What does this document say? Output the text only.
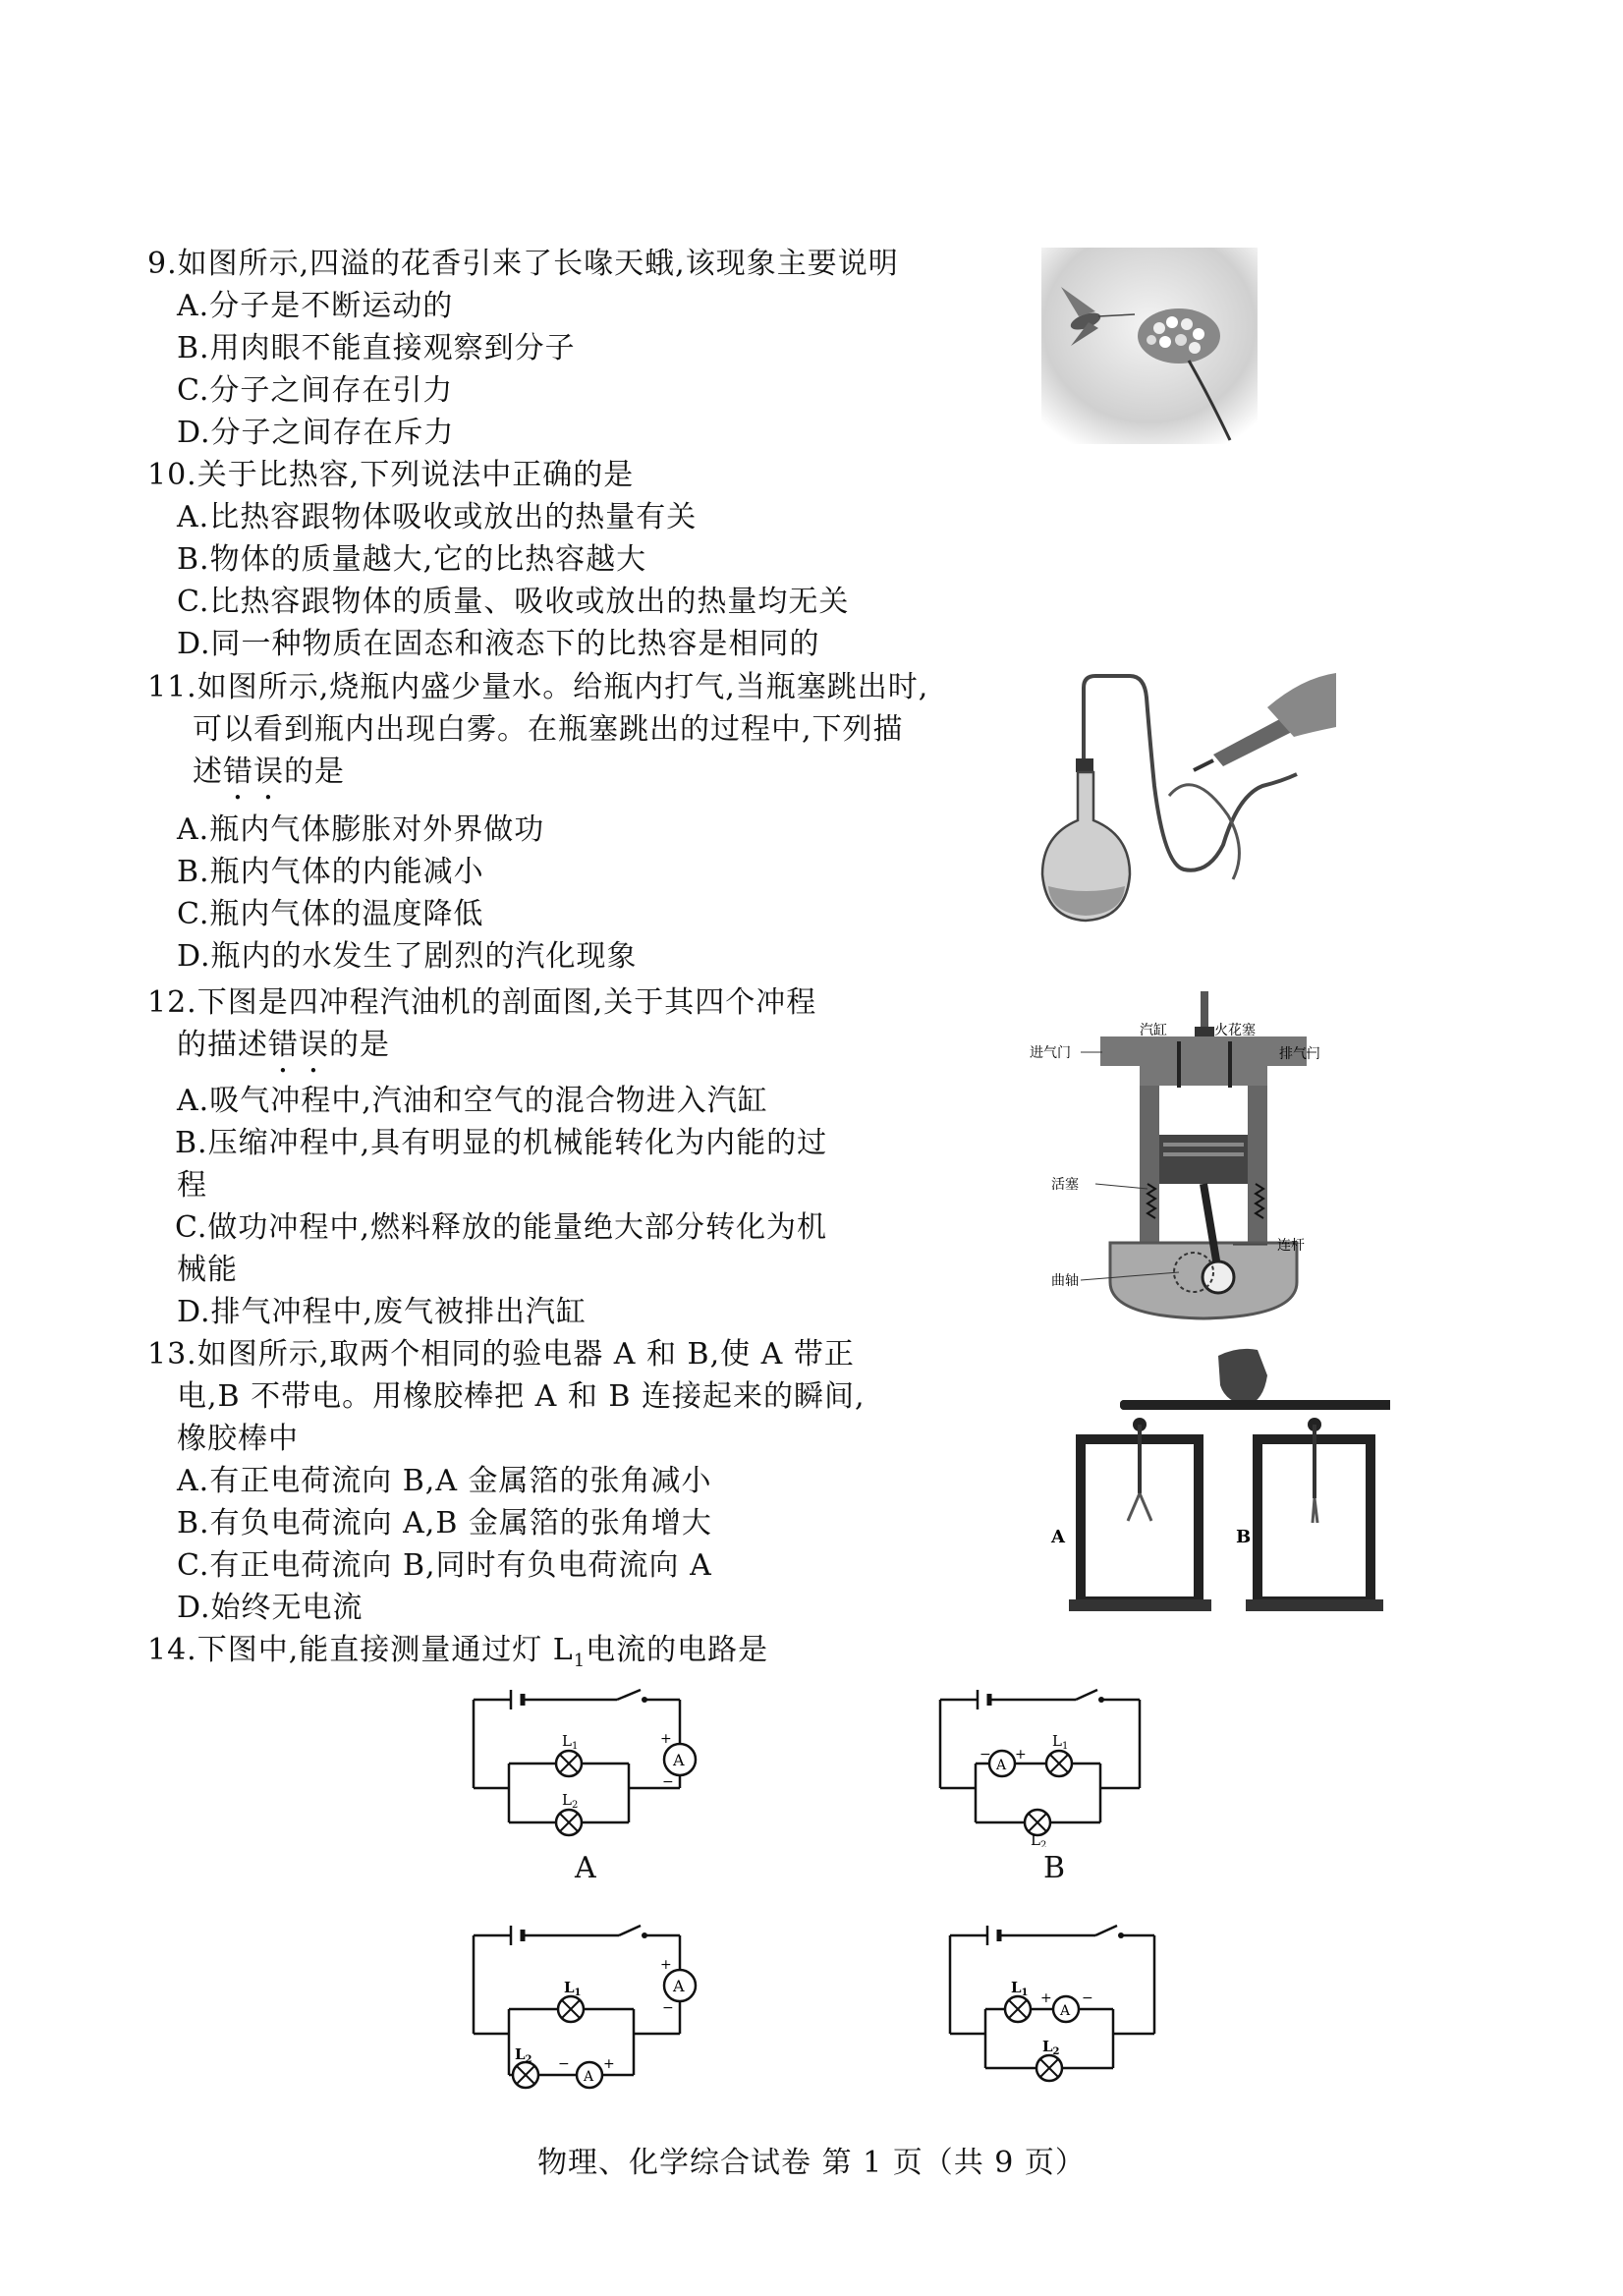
9.如图所示,四溢的花香引来了长喙天蛾,该现象主要说明
A.分子是不断运动的
B.用肉眼不能直接观察到分子
C.分子之间存在引力
D.分子之间存在斥力
10.关于比热容,下列说法中正确的是
A.比热容跟物体吸收或放出的热量有关
B.物体的质量越大,它的比热容越大
C.比热容跟物体的质量、吸收或放出的热量均无关
D.同一种物质在固态和液态下的比热容是相同的
11.如图所示,烧瓶内盛少量水。给瓶内打气,当瓶塞跳出时,
可以看到瓶内出现白雾。在瓶塞跳出的过程中,下列描
述错误的是
A.瓶内气体膨胀对外界做功
B.瓶内气体的内能减小
C.瓶内气体的温度降低
D.瓶内的水发生了剧烈的汽化现象
12.下图是四冲程汽油机的剖面图,关于其四个冲程
的描述错误的是
A.吸气冲程中,汽油和空气的混合物进入汽缸
B.压缩冲程中,具有明显的机械能转化为内能的过
程
C.做功冲程中,燃料释放的能量绝大部分转化为机
械能
D.排气冲程中,废气被排出汽缸
汽缸	火花塞
进气门	排气门
活塞
连杆
曲轴
13.如图所示,取两个相同的验电器 A 和 B,使 A 带正
电,B 不带电。用橡胶棒把 A 和 B 连接起来的瞬间,
橡胶棒中
A.有正电荷流向 B,A 金属箔的张角减小
B.有负电荷流向 A,B 金属箔的张角增大
C.有正电荷流向 B,同时有负电荷流向 A
D.始终无电流
A	B
14.下图中,能直接测量通过灯 $L_1$电流的电路是
$L_1$
$L_2$
A
+
−
A
A
− +
$L_1$
$L_2$
B
$L_1$
$L_2$
A
− +
A
+
−
$L_1$
$L_2$
A
+ −
物理、化学综合试卷 第 1 页（共 9 页）
